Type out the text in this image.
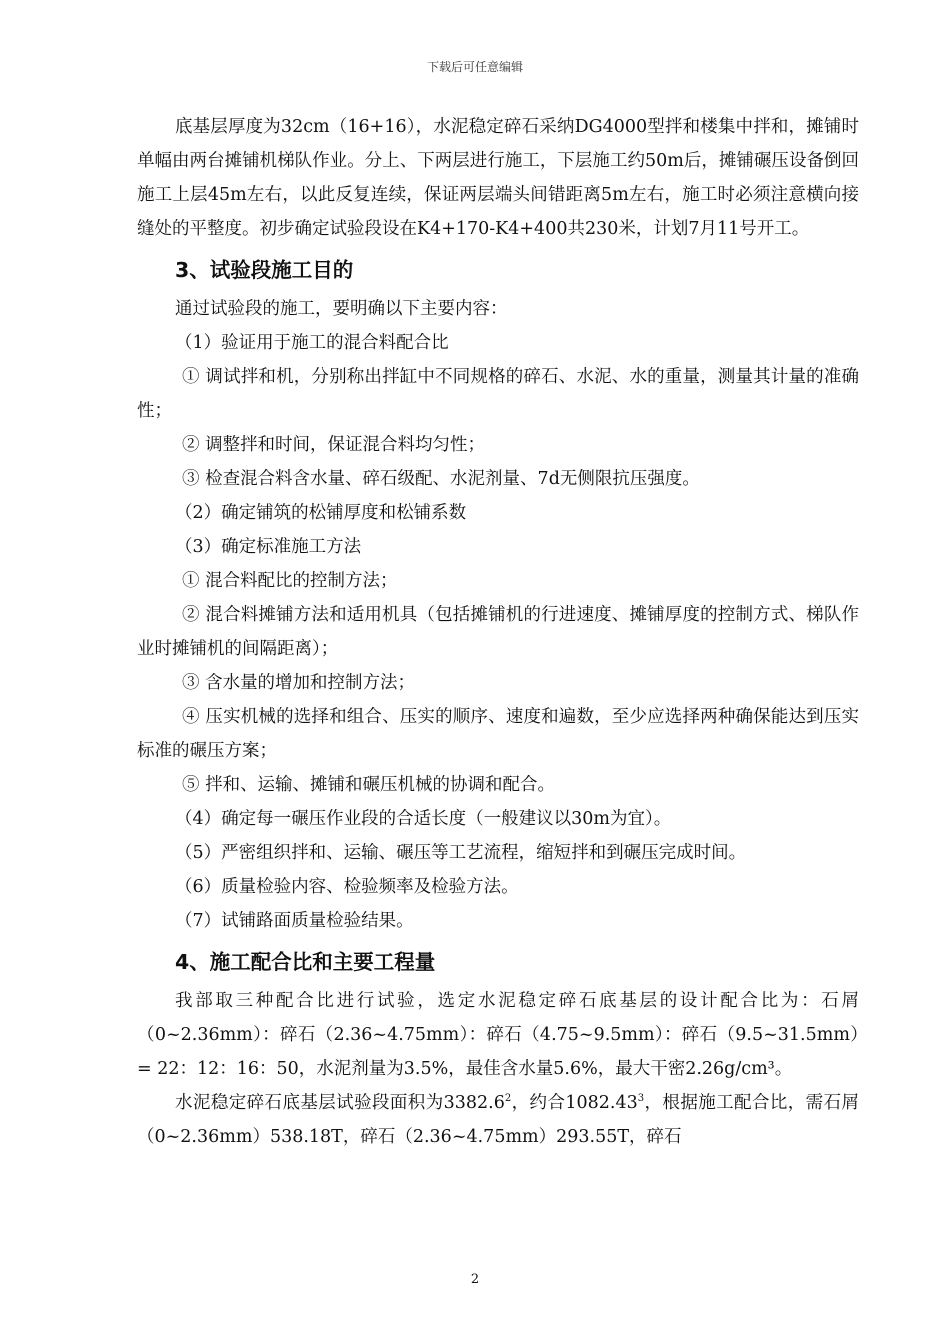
下载后可任意编辑

底基层厚度为32cm（16+16），水泥稳定碎石采纳DG4000型拌和楼集中拌和，摊铺时单幅由两台摊铺机梯队作业。分上、下两层进行施工，下层施工约50m后，摊铺碾压设备倒回施工上层45m左右，以此反复连续，保证两层端头间错距离5m左右，施工时必须注意横向接缝处的平整度。初步确定试验段设在K4+170-K4+400共230米，计划7月11号开工。

3、试验段施工目的

通过试验段的施工，要明确以下主要内容：

（1）验证用于施工的混合料配合比

① 调试拌和机，分别称出拌缸中不同规格的碎石、水泥、水的重量，测量其计量的准确性；

② 调整拌和时间，保证混合料均匀性；

③ 检查混合料含水量、碎石级配、水泥剂量、7d无侧限抗压强度。

（2）确定铺筑的松铺厚度和松铺系数

（3）确定标准施工方法

① 混合料配比的控制方法；

② 混合料摊铺方法和适用机具（包括摊铺机的行进速度、摊铺厚度的控制方式、梯队作业时摊铺机的间隔距离）；

③ 含水量的增加和控制方法；

④ 压实机械的选择和组合、压实的顺序、速度和遍数，至少应选择两种确保能达到压实标准的碾压方案；

⑤ 拌和、运输、摊铺和碾压机械的协调和配合。

（4）确定每一碾压作业段的合适长度（一般建议以30m为宜）。

（5）严密组织拌和、运输、碾压等工艺流程，缩短拌和到碾压完成时间。

（6）质量检验内容、检验频率及检验方法。

（7）试铺路面质量检验结果。

4、施工配合比和主要工程量

我部取三种配合比进行试验，选定水泥稳定碎石底基层的设计配合比为：石屑（0~2.36mm）：碎石（2.36~4.75mm）：碎石（4.75~9.5mm）：碎石（9.5~31.5mm）= 22：12：16：50，水泥剂量为3.5%，最佳含水量5.6%，最大干密2.26g/cm³。

水泥稳定碎石底基层试验段面积为3382.6$^2$，约合1082.43$^3$，根据施工配合比，需石屑（0~2.36mm）538.18T，碎石（2.36~4.75mm）293.55T，碎石

2
